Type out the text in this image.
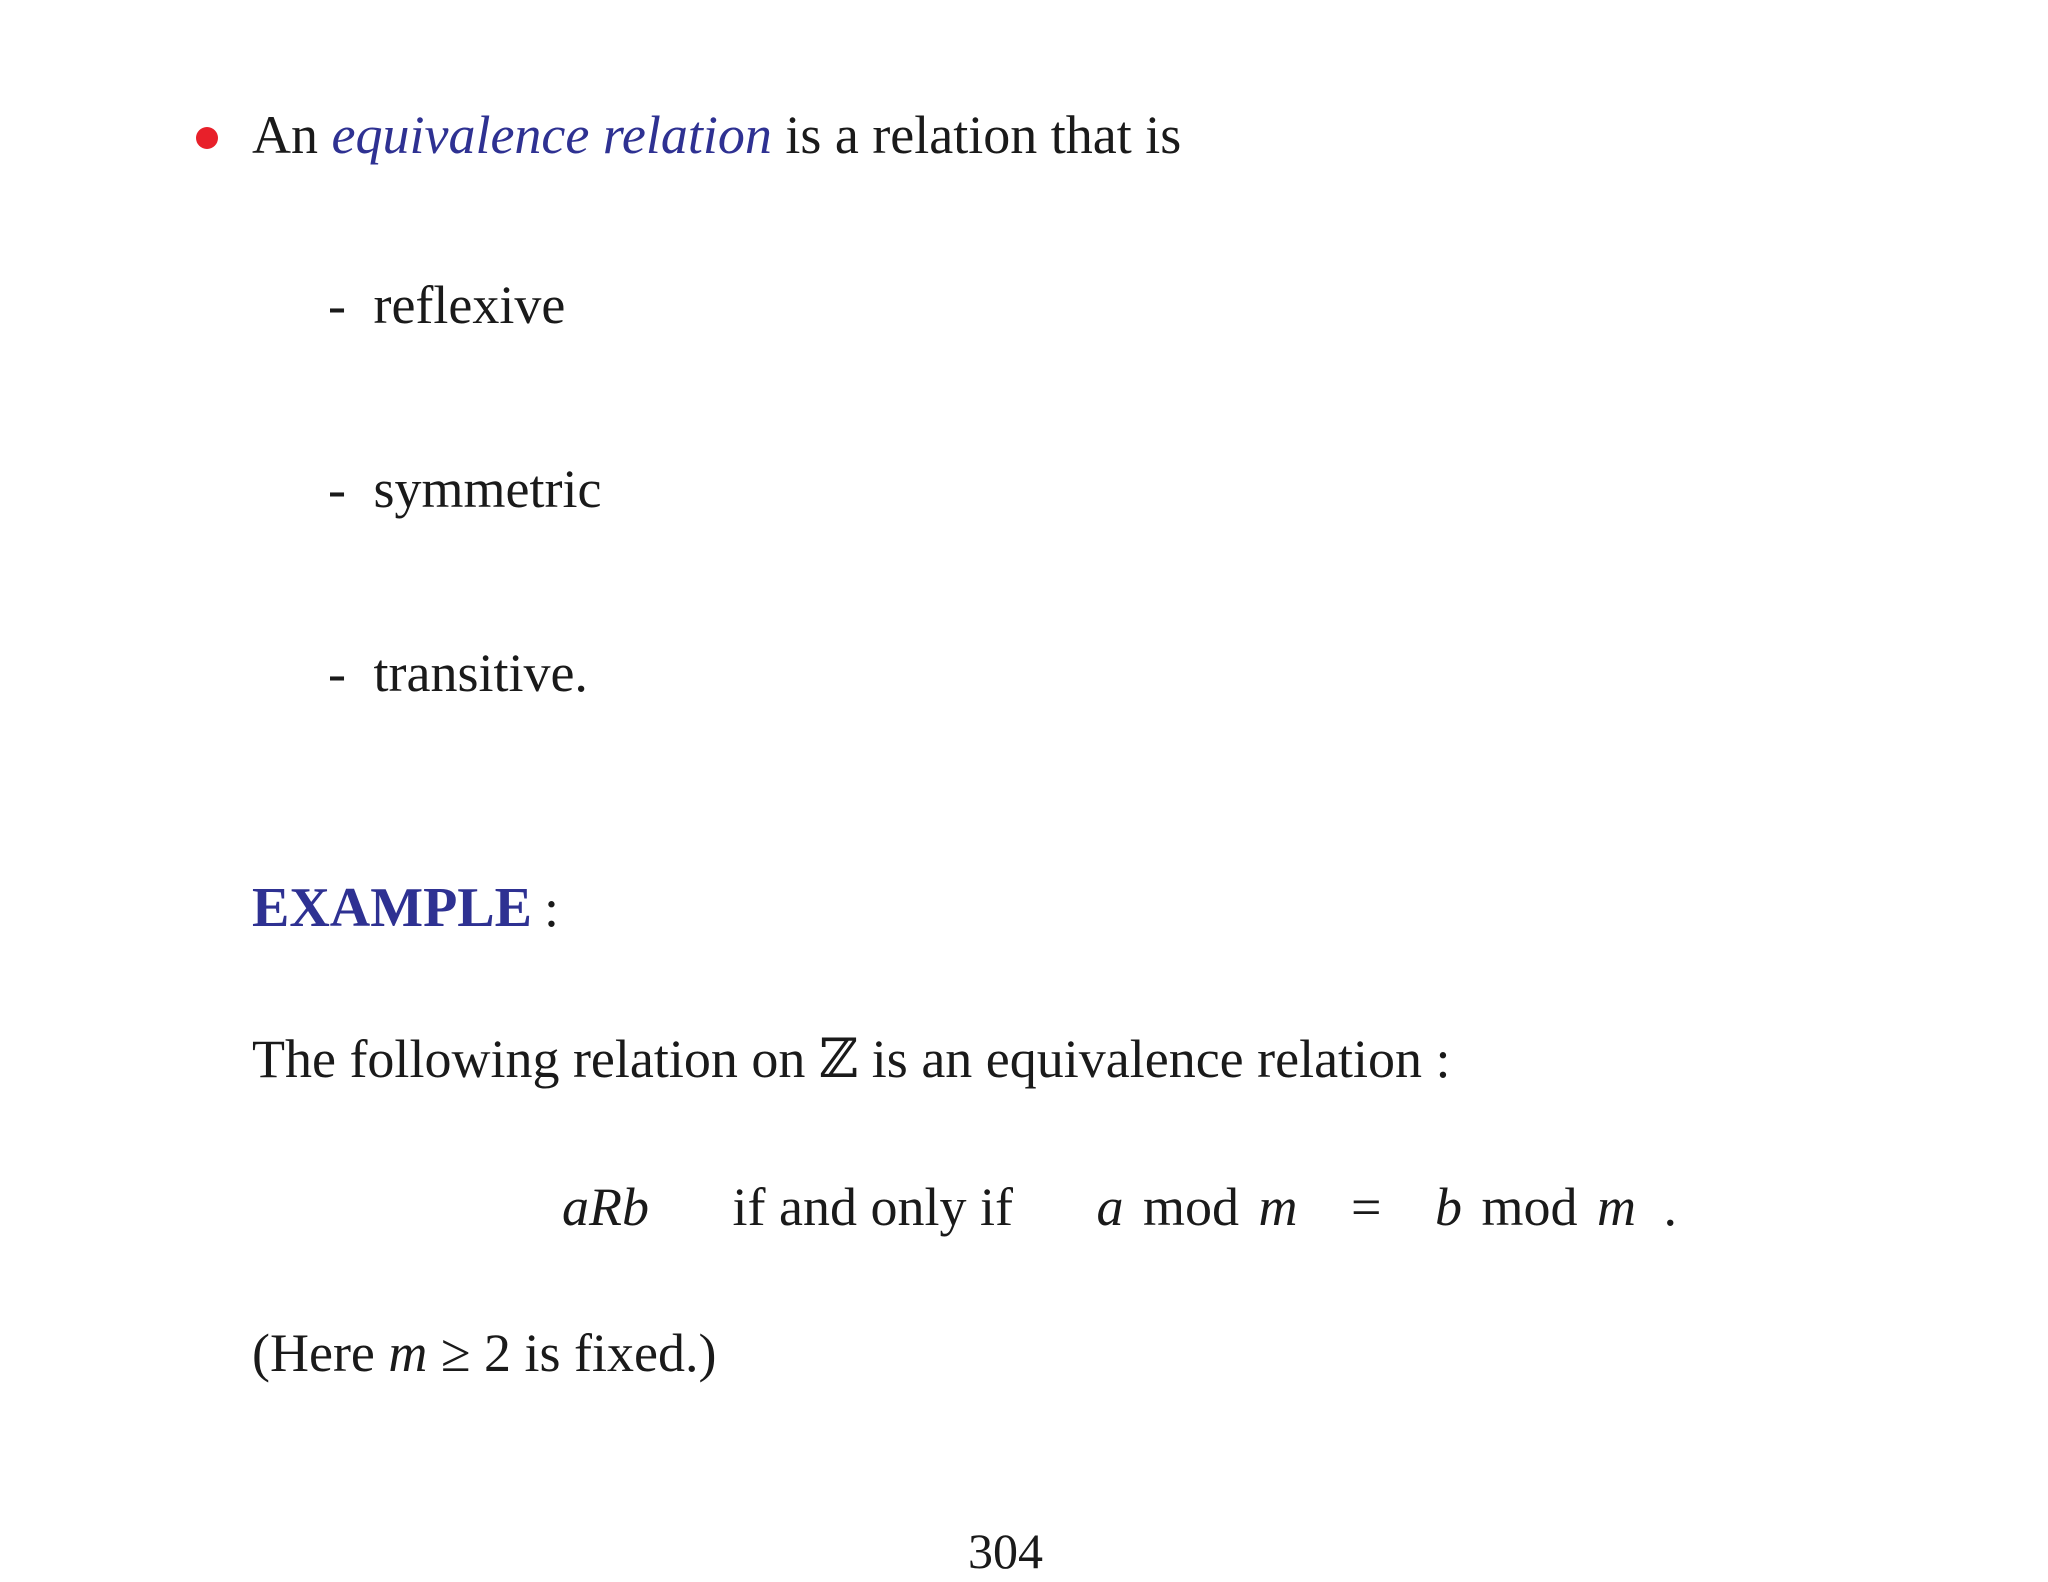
An equivalence relation is a relation that is
- reflexive
- symmetric
- transitive.
EXAMPLE :
The following relation on ℤ is an equivalence relation :
aRb if and only if a mod m = b mod m .
(Here m ≥ 2 is fixed.)
304
